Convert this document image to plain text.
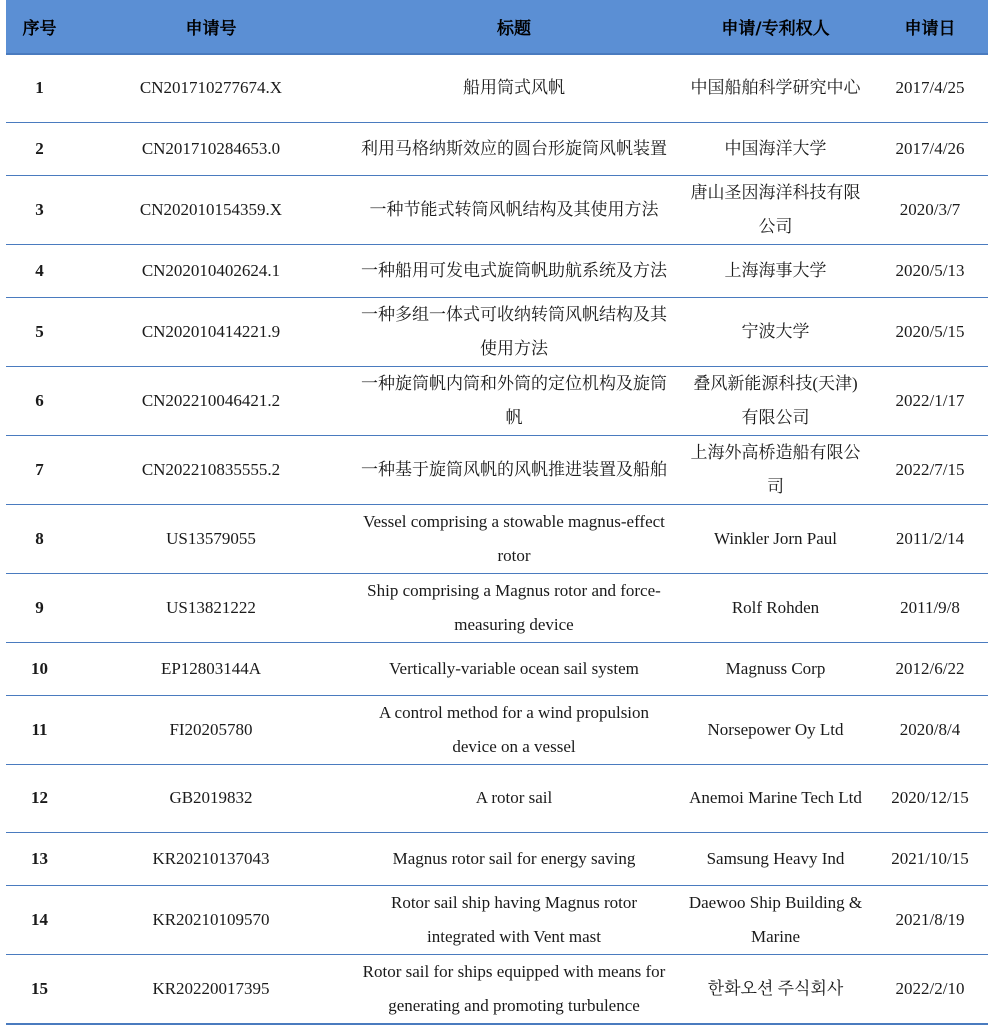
序号	申请号	标题	申请/专利权人	申请日
1	CN201710277674.X	船用筒式风帆	中国船舶科学研究中心	2017/4/25
2	CN201710284653.0	利用马格纳斯效应的圆台形旋筒风帆装置	中国海洋大学	2017/4/26
3	CN202010154359.X	一种节能式转筒风帆结构及其使用方法	唐山圣因海洋科技有限公司	2020/3/7
4	CN202010402624.1	一种船用可发电式旋筒帆助航系统及方法	上海海事大学	2020/5/13
5	CN202010414221.9	一种多组一体式可收纳转筒风帆结构及其使用方法	宁波大学	2020/5/15
6	CN202210046421.2	一种旋筒帆内筒和外筒的定位机构及旋筒帆	叠风新能源科技(天津)有限公司	2022/1/17
7	CN202210835555.2	一种基于旋筒风帆的风帆推进装置及船舶	上海外高桥造船有限公司	2022/7/15
8	US13579055	Vessel comprising a stowable magnus-effect rotor	Winkler Jorn Paul	2011/2/14
9	US13821222	Ship comprising a Magnus rotor and force-measuring device	Rolf Rohden	2011/9/8
10	EP12803144A	Vertically-variable ocean sail system	Magnuss Corp	2012/6/22
11	FI20205780	A control method for a wind propulsion device on a vessel	Norsepower Oy Ltd	2020/8/4
12	GB2019832	A rotor sail	Anemoi Marine Tech Ltd	2020/12/15
13	KR20210137043	Magnus rotor sail for energy saving	Samsung Heavy Ind	2021/10/15
14	KR20210109570	Rotor sail ship having Magnus rotor integrated with Vent mast	Daewoo Ship Building & Marine	2021/8/19
15	KR20220017395	Rotor sail for ships equipped with means for generating and promoting turbulence	한화오션 주식회사	2022/2/10
